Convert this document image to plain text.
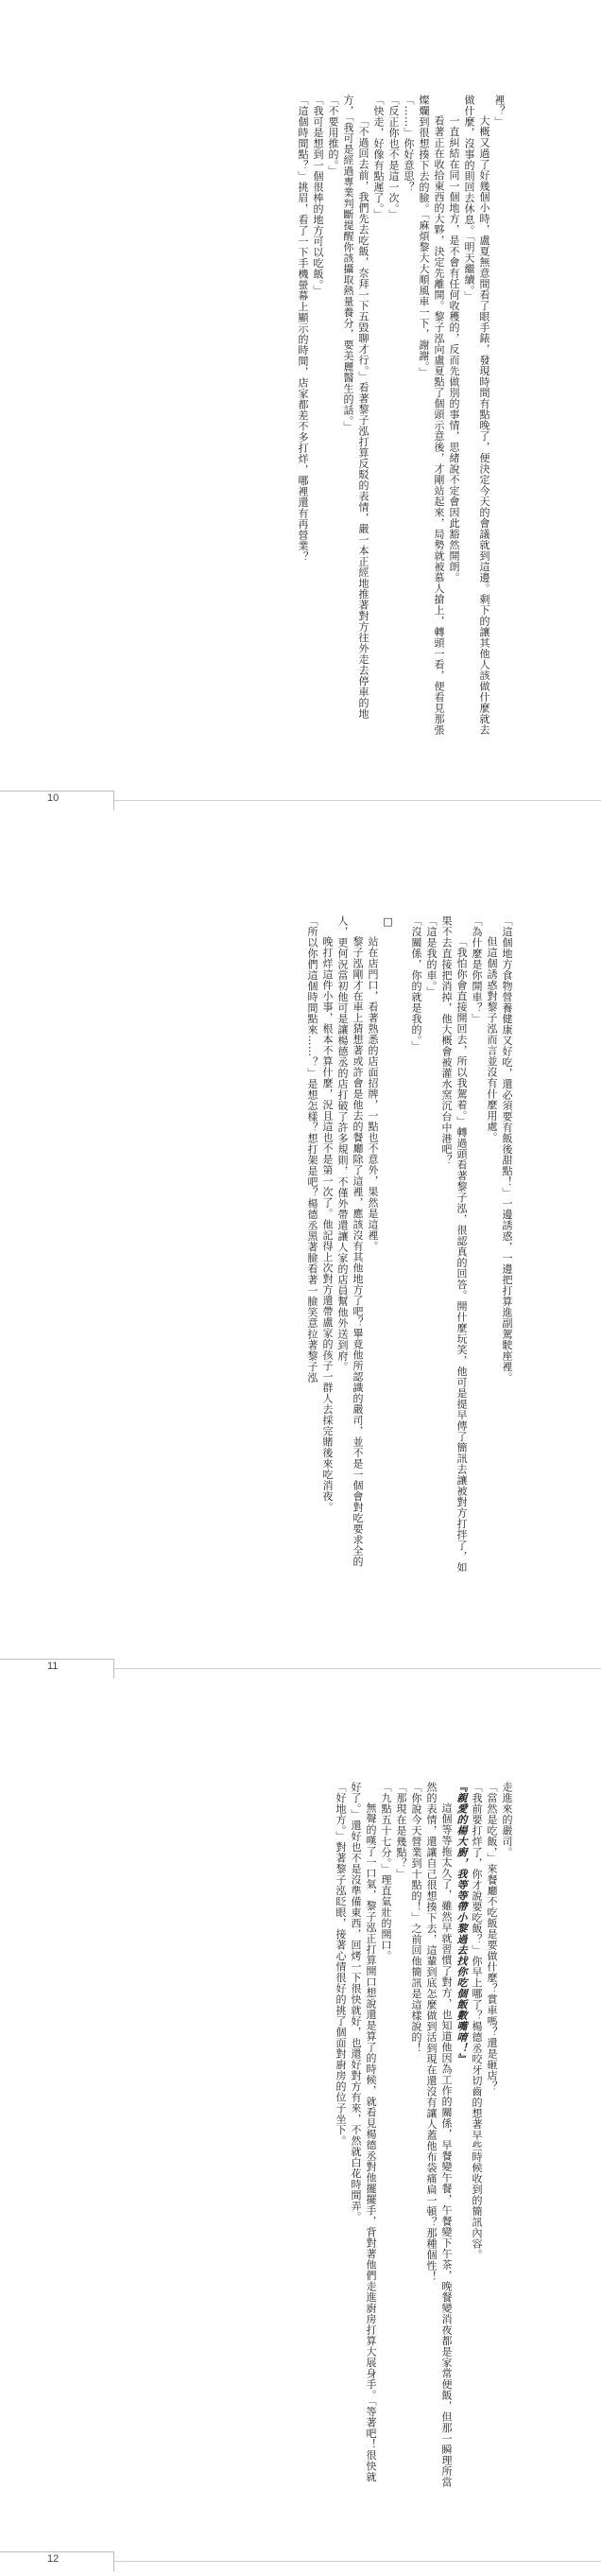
裡？」
大概又過了好幾個小時，盧夏無意間看了眼手錶，發現時間有點晚了，便決定今天的會議就到這邊。剩下的讓其他人該做什麼就去做什麼，沒事的則回去休息。「明天繼續。」
一直糾結在同一個地方，是不會有任何收穫的，反而先做別的事情，思緒說不定會因此豁然開朗。
看著正在收拾東西的大夥，決定先離開。黎子泓向盧夏點了個頭示意後，才剛站起來，局勢就被慕人搶上，轉頭一看，便看見那張燦爛到很想揍下去的臉。「麻煩黎大大順風車一下，謝謝。」
「……」你好意思？
「反正你也不是這一次。」
「快走，好像有點遲了。」
「不過回去前，我們先去吃飯，奈拜一下五毀聊才行。」看著黎子泓打算反駁的表情，嚴一本正經地推著對方往外走去停車的地方，「我可是經過專業判斷提醒你該攝取熱量養分，要美麗醫生的話。」
「不要用推的。」
「我可是想到一個很棒的地方可以吃飯。」
「這個時間點？」挑眉，看了一下手機螢幕上顯示的時間，店家都差不多打烊，哪裡還有再營業？
10
「這個地方食物營養健康又好吃，還必須要有飯後甜點！」一邊誘惑，一邊把打算進副駕駛座裡。
但這個誘惑對黎子泓而言並沒有什麼用處。
「為什麼是你開車？」
「我怕你會直接開回去，所以我駕着。」轉過頭看著黎子泓，很認真的回答。開什麼玩笑，他可是提早傳了簡訊去讓被對方打拌了，如果不去直接把消掉，他大概會被灌水窯沉台中港吧？
「這是我的車。」
「沒關係，你的就是我的。」
□
站在店門口，看著熟悉的店面招牌，一點也不意外，果然是這裡。
黎子泓剛才在車上猜想著或許會是他去的餐廳除了這裡，應該沒有其他地方了吧？畢竟他所認識的嚴司，並不是一個會對吃要求全的人，更何況當初他可是讓楊德丞的店打破了許多規則，不僅外帶還讓人家的店員幫他外送到府。
晚打烊這件小事，根本不算什麼，況且這也不是第一次了。他記得上次對方還帶盧家的孩子一群人去採完賭後來吃消夜。
「所以你們這個時間點來……？」是想怎樣？想打架是吧？楊德丞黑著臉看著一臉笑意拉著黎子泓
11
走進來的嚴司。
「當然是吃飯，」來餐廳不吃飯是要做什麼？賞車嗎？還是砸店？
「我前要打烊了，你才說要吃飯？」你早上哪了？楊德丞咬牙切齒的想著早些時候收到的簡訊內容。
『親愛的楊大廚，我等等帶小黎過去找你吃個飯數嘴唷！』
這個等等拖太久了，雖然早就習慣了對方，也知道他因為工作的關係，早餐變午餐，午餐變下午茶，晚餐變消夜都是家常便飯，但那一瞬理所當然的表情，還讓自己很想揍下去，這輩到底怎麼做到活到現在還沒有讓人蓋他布袋痛扁一頓？那種個性！
「你說今天營業到十點的！」之前回他簡訊是這樣說的！
「那現在是幾點？」
「九點五十七分。」理直氣壯的開口。
無聲的嘆了一口氣，黎子泓正打算開口想說還是算了的時候，就看見楊德丞對他擺擺手，背對著他們走進廚房打算大展身手。「等著吧！很快就好了。」還好也不是沒準備東西，回烤一下很快就好，也還好對方有來，不然就白花時間弄。
「好地方。」對著黎子泓眨眼，接著心情很好的挑了個面對廚房的位子坐下。
12
